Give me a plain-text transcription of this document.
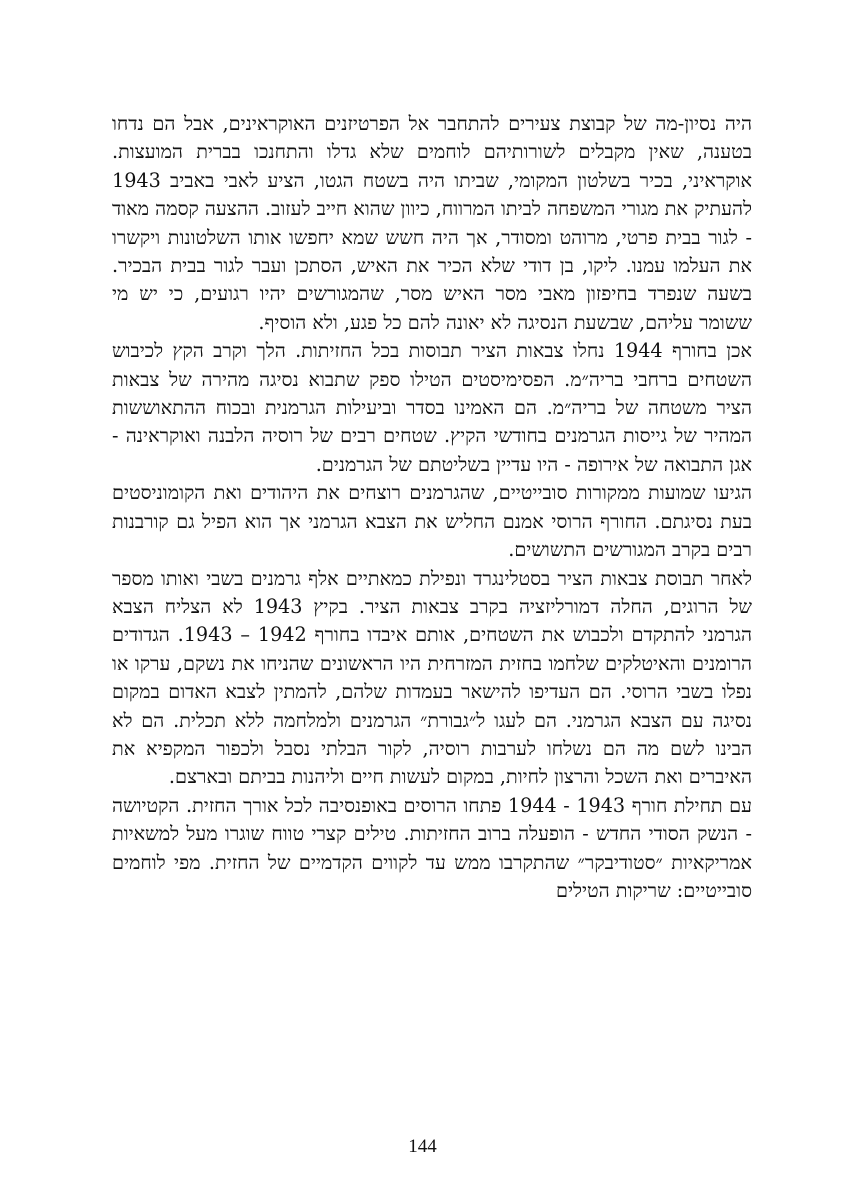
היה נסיון-מה של קבוצת צעירים להתחבר אל הפרטיזנים האוקראינים, אבל הם נדחו בטענה, שאין מקבלים לשורותיהם לוחמים שלא גדלו והתחנכו בברית המועצות. אוקראיני, בכיר בשלטון המקומי, שביתו היה בשטח הגטו, הציע לאבי באביב 1943 להעתיק את מגורי המשפחה לביתו המרווח, כיוון שהוא חייב לעזוב. ההצעה קסמה מאוד - לגור בבית פרטי, מרוהט ומסודר, אך היה חשש שמא יחפשו אותו השלטונות ויקשרו את העלמו עמנו. ליקו, בן דודי שלא הכיר את האיש, הסתכן ועבר לגור בבית הבכיר. בשעה שנפרד בחיפזון מאבי מסר האיש מסר, שהמגורשים יהיו רגועים, כי יש מי ששומר עליהם, שבשעת הנסיגה לא יאונה להם כל פגע, ולא הוסיף.

אכן בחורף 1944 נחלו צבאות הציר תבוסות בכל החזיתות. הלך וקרב הקץ לכיבוש השטחים ברחבי בריה״מ. הפסימיסטים הטילו ספק שתבוא נסיגה מהירה של צבאות הציר משטחה של בריה״מ. הם האמינו בסדר וביעילות הגרמנית ובכוח ההתאוששות המהיר של גייסות הגרמנים בחודשי הקיץ. שטחים רבים של רוסיה הלבנה ואוקראינה - אגן התבואה של אירופה - היו עדיין בשליטתם של הגרמנים.

הגיעו שמועות ממקורות סובייטיים, שהגרמנים רוצחים את היהודים ואת הקומוניסטים בעת נסיגתם. החורף הרוסי אמנם החליש את הצבא הגרמני אך הוא הפיל גם קורבנות רבים בקרב המגורשים התשושים.

לאחר תבוסת צבאות הציר בסטלינגרד ונפילת כמאתיים אלף גרמנים בשבי ואותו מספר של הרוגים, החלה דמורליזציה בקרב צבאות הציר. בקיץ 1943 לא הצליח הצבא הגרמני להתקדם ולכבוש את השטחים, אותם איבדו בחורף 1942 – 1943. הגדודים הרומנים והאיטלקים שלחמו בחזית המזרחית היו הראשונים שהניחו את נשקם, ערקו או נפלו בשבי הרוסי. הם העדיפו להישאר בעמדות שלהם, להמתין לצבא האדום במקום נסיגה עם הצבא הגרמני. הם לעגו ל״גבורת״ הגרמנים ולמלחמה ללא תכלית. הם לא הבינו לשם מה הם נשלחו לערבות רוסיה, לקור הבלתי נסבל ולכפור המקפיא את האיברים ואת השכל והרצון לחיות, במקום לעשות חיים וליהנות בביתם ובארצם.

עם תחילת חורף 1943 - 1944 פתחו הרוסים באופנסיבה לכל אורך החזית. הקטיושה - הנשק הסודי החדש - הופעלה ברוב החזיתות. טילים קצרי טווח שוגרו מעל למשאיות אמריקאיות ״סטודיבקר״ שהתקרבו ממש עד לקווים הקדמיים של החזית. מפי לוחמים סובייטיים: שריקות הטילים

144
